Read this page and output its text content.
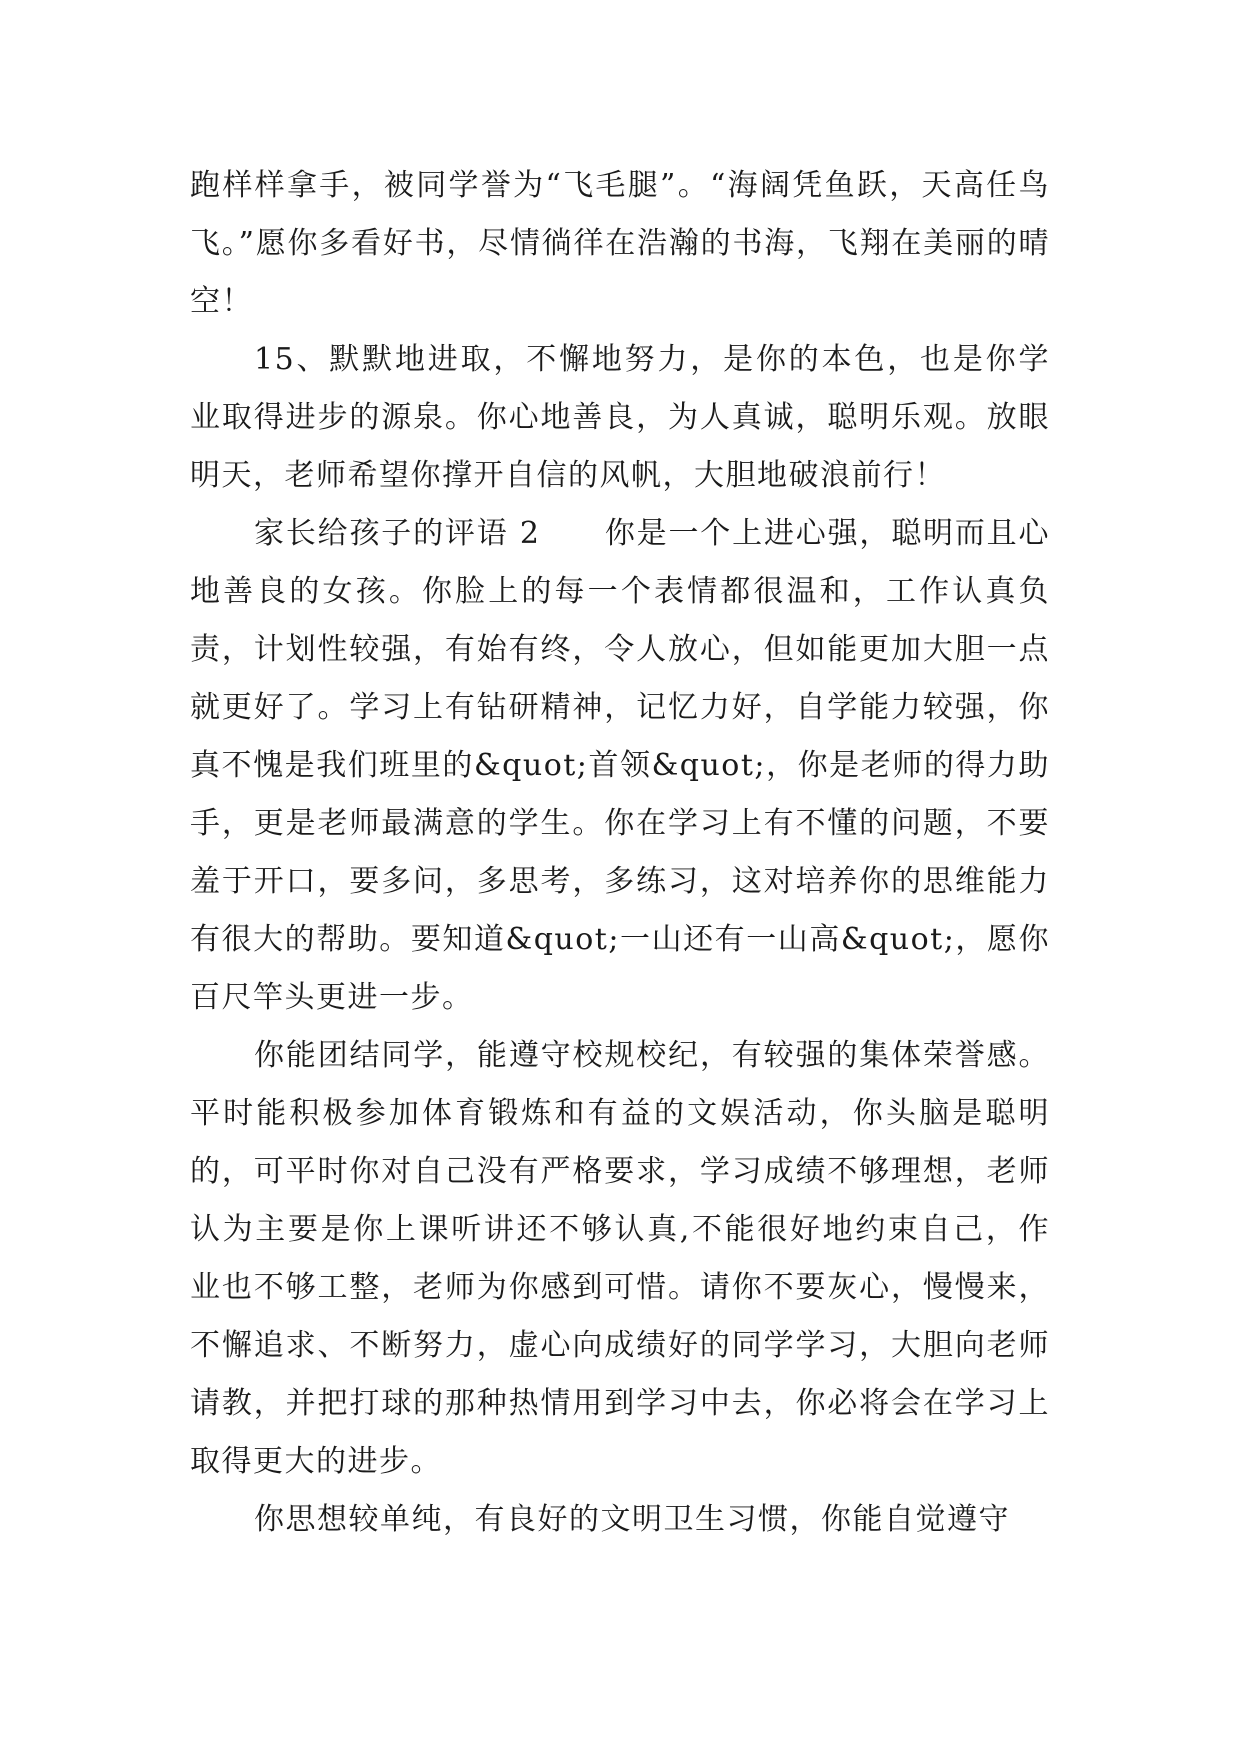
跑样样拿手，被同学誉为“飞毛腿”。“海阔凭鱼跃，天高任鸟飞。”愿你多看好书，尽情徜徉在浩瀚的书海，飞翔在美丽的晴空！

15、默默地进取，不懈地努力，是你的本色，也是你学业取得进步的源泉。你心地善良，为人真诚，聪明乐观。放眼明天，老师希望你撑开自信的风帆，大胆地破浪前行！

家长给孩子的评语 2 你是一个上进心强，聪明而且心地善良的女孩。你脸上的每一个表情都很温和，工作认真负责，计划性较强，有始有终，令人放心，但如能更加大胆一点就更好了。学习上有钻研精神，记忆力好，自学能力较强，你真不愧是我们班里的&quot;首领&quot;，你是老师的得力助手，更是老师最满意的学生。你在学习上有不懂的问题，不要羞于开口，要多问，多思考，多练习，这对培养你的思维能力有很大的帮助。要知道&quot;一山还有一山高&quot;，愿你百尺竿头更进一步。

你能团结同学，能遵守校规校纪，有较强的集体荣誉感。平时能积极参加体育锻炼和有益的文娱活动，你头脑是聪明的，可平时你对自己没有严格要求，学习成绩不够理想，老师认为主要是你上课听讲还不够认真,不能很好地约束自己，作业也不够工整，老师为你感到可惜。请你不要灰心，慢慢来，不懈追求、不断努力，虚心向成绩好的同学学习，大胆向老师请教，并把打球的那种热情用到学习中去，你必将会在学习上取得更大的进步。

你思想较单纯，有良好的文明卫生习惯，你能自觉遵守
